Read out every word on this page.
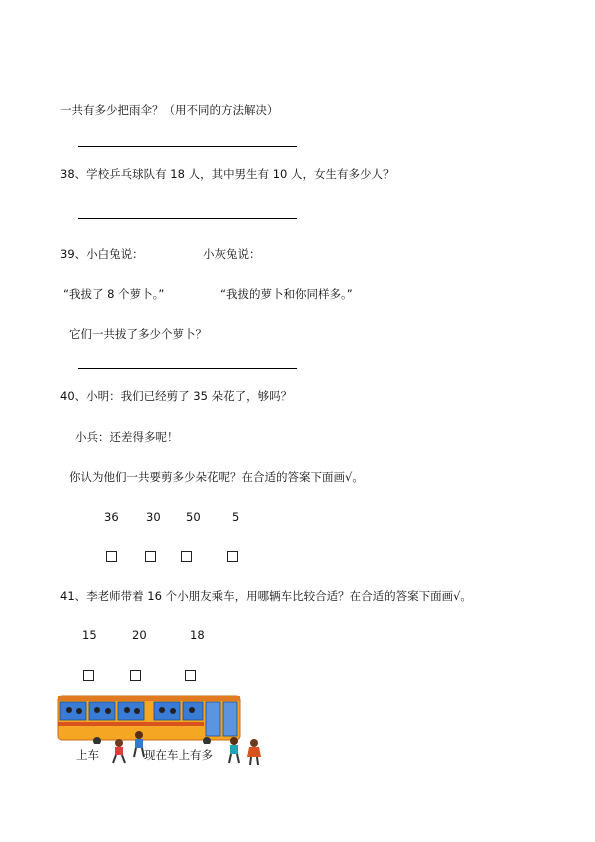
一共有多少把雨伞？（用不同的方法解决）
38、学校乒乓球队有 18 人，其中男生有 10 人，女生有多少人？
39、小白兔说：	小灰兔说：
“我拔了 8 个萝卜。”	“我拔的萝卜和你同样多。”
它们一共拔了多少个萝卜？
40、小明：我们已经剪了 35 朵花了，够吗？
小兵：还差得多呢！
你认为他们一共要剪多少朵花呢？在合适的答案下面画√。
36 30 50	5
41、李老师带着 16 个小朋友乘车，用哪辆车比较合适？在合适的答案下面画√。
15	20	18
上车	现在车上有多
